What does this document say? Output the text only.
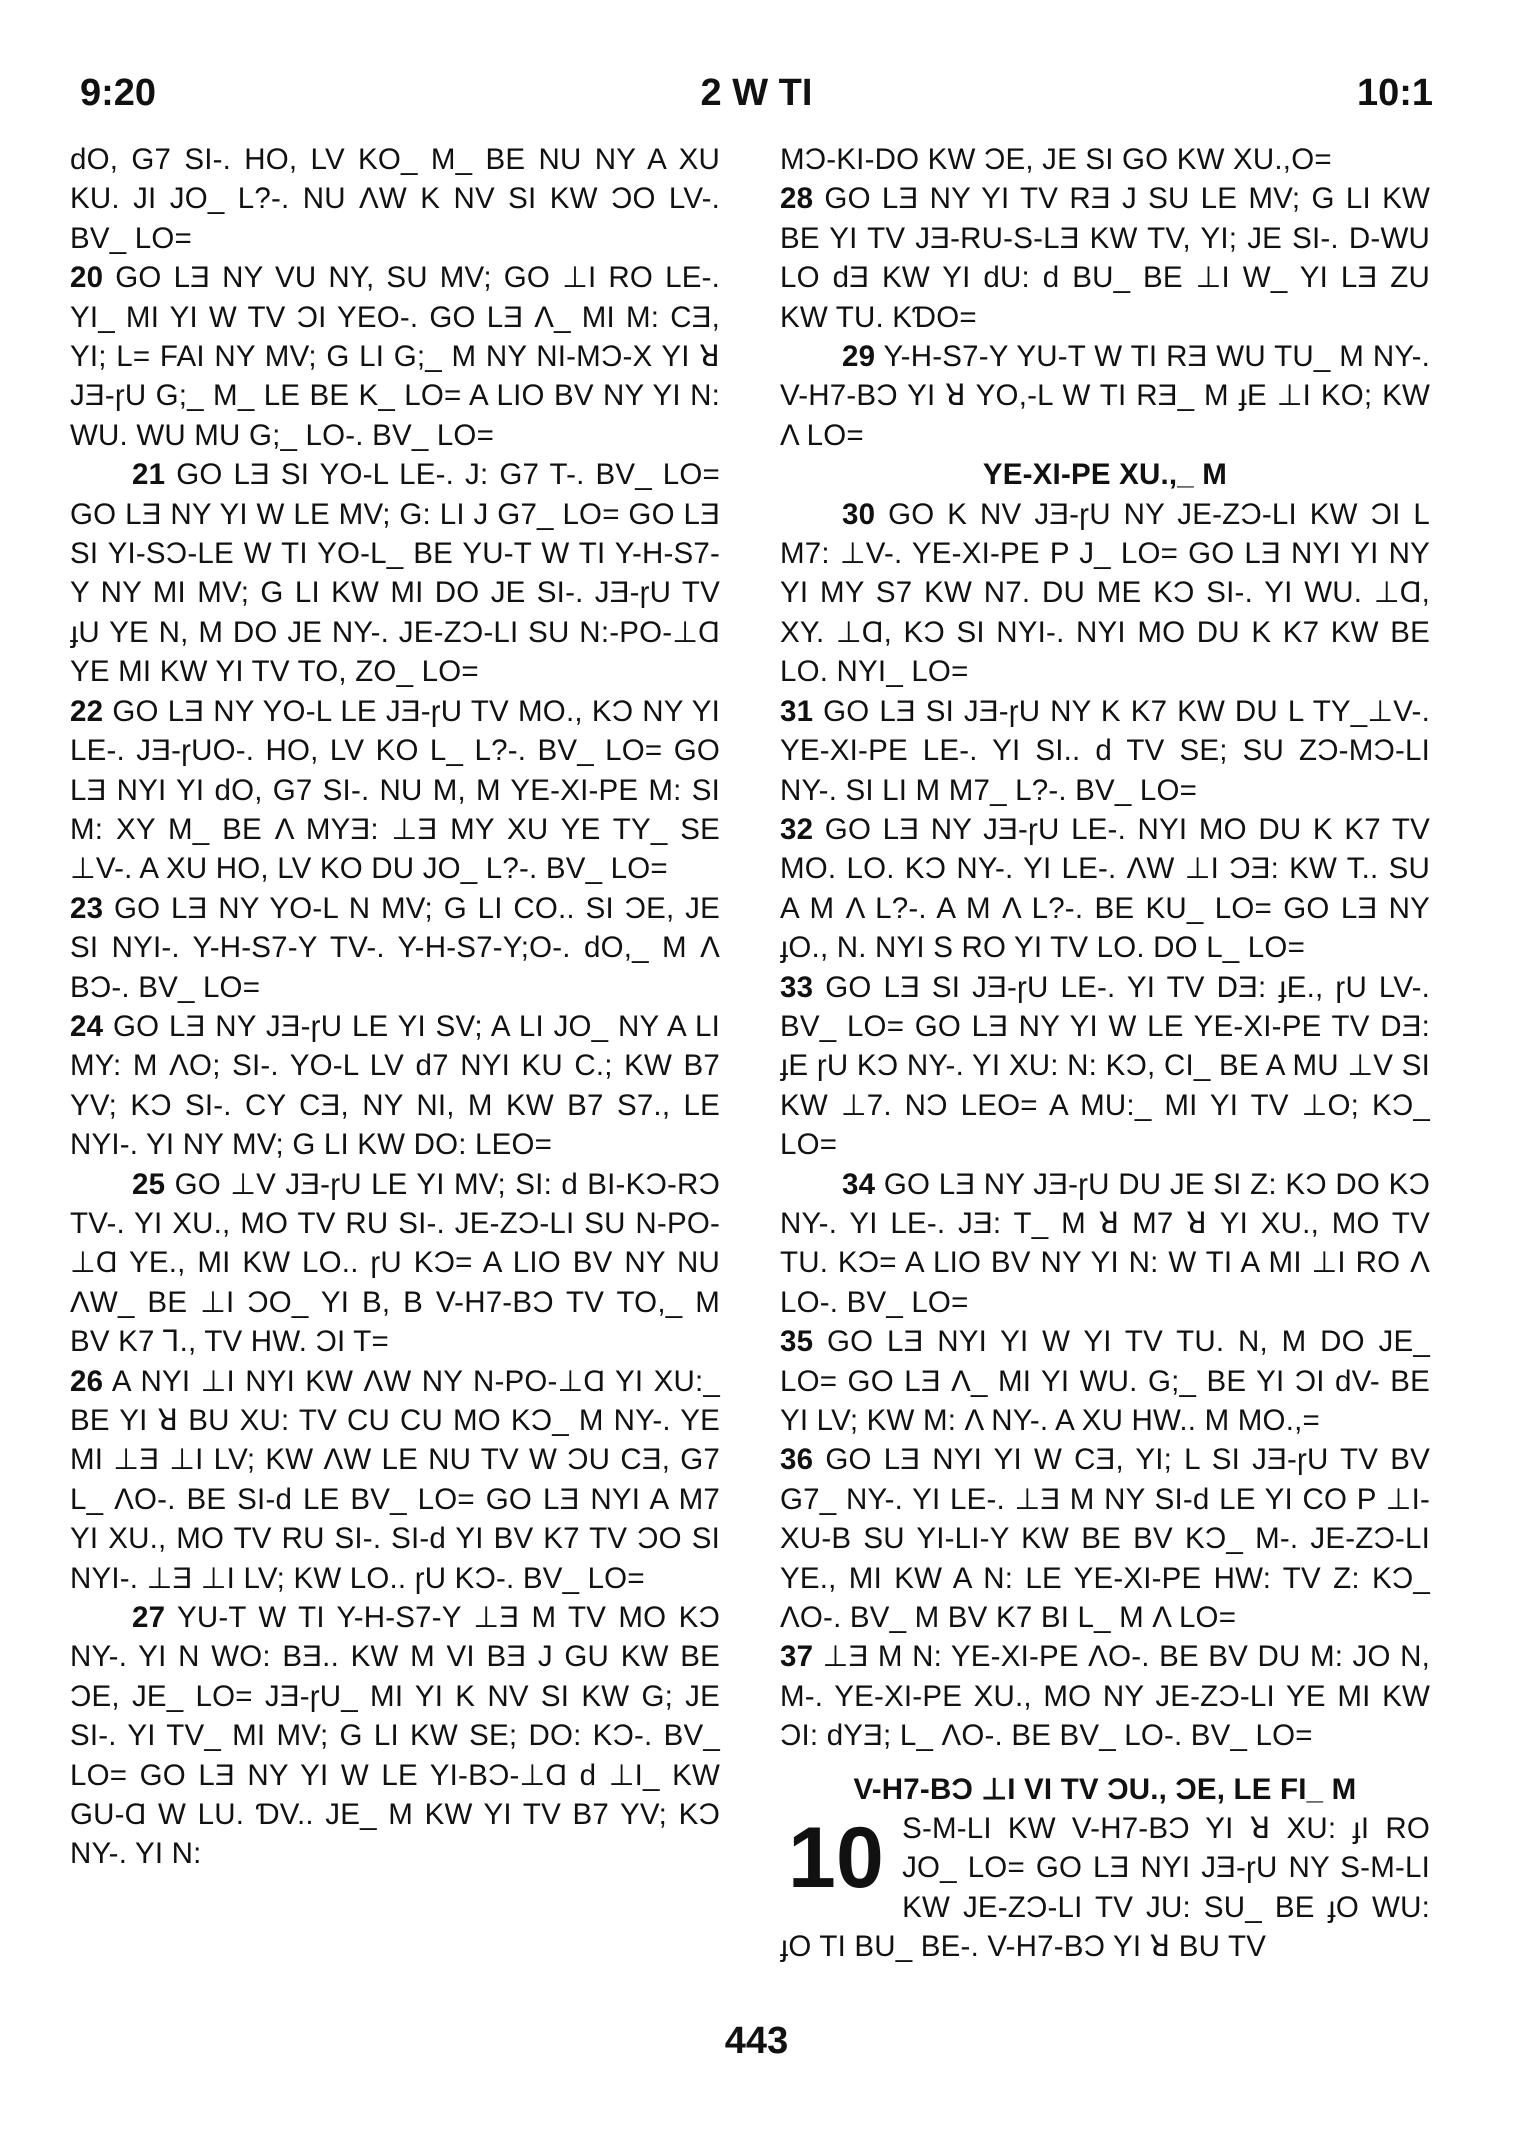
9:20	2 W TI	10:1

dO, G7 SI-. HO, LV KO_ M_ BE NU NY A XU KU. JI JO_ L?-. NU ΛW K NV SI KW ƆO LV-. BV_ LO=

20 GO LƎ NY VU NY, SU MV; GO ⊥I RO LE-. YI_ MI YI W TV ƆI YEO-. GO LƎ Λ_ MI M: CƎ, YI; L= FAI NY MV; G LI G;_ M NY NI-MƆ-X YI ꓤ JƎ-ɼU G;_ M_ LE BE K_ LO= A LIO BV NY YI N: WU. WU MU G;_ LO-. BV_ LO=

21 GO LƎ SI YO-L LE-. J: G7 T-. BV_ LO= GO LƎ NY YI W LE MV; G: LI J G7_ LO= GO LƎ SI YI-SƆ-LE W TI YO-L_ BE YU-T W TI Y-H-S7-Y NY MI MV; G LI KW MI DO JE SI-. JƎ-ɼU TV ɟU YE N, M DO JE NY-. JE-ZƆ-LI SU N:-PO-⊥Ɑ YE MI KW YI TV TO, ZO_ LO=

22 GO LƎ NY YO-L LE JƎ-ɼU TV MO., KƆ NY YI LE-. JƎ-ɼUO-. HO, LV KO L_ L?-. BV_ LO= GO LƎ NYI YI dO, G7 SI-. NU M, M YE-XI-PE M: SI M: XY M_ BE Λ MYƎ: ⊥Ǝ MY XU YE TY_ SE ⊥V-. A XU HO, LV KO DU JO_ L?-. BV_ LO=

23 GO LƎ NY YO-L N MV; G LI CO.. SI ƆE, JE SI NYI-. Y-H-S7-Y TV-. Y-H-S7-Y;O-. dO,_ M Λ BƆ-. BV_ LO=

24 GO LƎ NY JƎ-ɼU LE YI SV; A LI JO_ NY A LI MY: M ΛO; SI-. YO-L LV d7 NYI KU C.; KW B7 YV; KƆ SI-. CY CƎ, NY NI, M KW B7 S7., LE NYI-. YI NY MV; G LI KW DO: LEO=

25 GO ⊥V JƎ-ɼU LE YI MV; SI: d BI-KƆ-RƆ TV-. YI XU., MO TV RU SI-. JE-ZƆ-LI SU N-PO-⊥Ɑ YE., MI KW LO.. ɼU KƆ= A LIO BV NY NU ΛW_ BE ⊥I ƆO_ YI B, B V-H7-BƆ TV TO,_ M BV K7 ⅂., TV HW. ƆI T=

26 A NYI ⊥I NYI KW ΛW NY N-PO-⊥Ɑ YI XU:_ BE YI ꓤ BU XU: TV CU CU MO KƆ_ M NY-. YE MI ⊥Ǝ ⊥I LV; KW ΛW LE NU TV W ƆU CƎ, G7 L_ ΛO-. BE SI-d LE BV_ LO= GO LƎ NYI A M7 YI XU., MO TV RU SI-. SI-d YI BV K7 TV ƆO SI NYI-. ⊥Ǝ ⊥I LV; KW LO.. ɼU KƆ-. BV_ LO=

27 YU-T W TI Y-H-S7-Y ⊥Ǝ M TV MO KƆ NY-. YI N WO: BƎ.. KW M VI BƎ J GU KW BE ƆE, JE_ LO= JƎ-ɼU_ MI YI K NV SI KW G; JE SI-. YI TV_ MI MV; G LI KW SE; DO: KƆ-. BV_ LO= GO LƎ NY YI W LE YI-BƆ-⊥Ɑ d ⊥I_ KW GU-Ɑ W LU. ƊV.. JE_ M KW YI TV B7 YV; KƆ NY-. YI N:

MƆ-KI-DO KW ƆE, JE SI GO KW XU.,O=

28 GO LƎ NY YI TV RƎ J SU LE MV; G LI KW BE YI TV JƎ-RU-S-LƎ KW TV, YI; JE SI-. D-WU LO dƎ KW YI dU: d BU_ BE ⊥I W_ YI LƎ ZU KW TU. KƊO=

29 Y-H-S7-Y YU-T W TI RƎ WU TU_ M NY-. V-H7-BƆ YI ꓤ YO,-L W TI RƎ_ M ɟE ⊥I KO; KW Λ LO=

YE-XI-PE XU.,_ M

30 GO K NV JƎ-ɼU NY JE-ZƆ-LI KW ƆI L M7: ⊥V-. YE-XI-PE P J_ LO= GO LƎ NYI YI NY YI MY S7 KW N7. DU ME KƆ SI-. YI WU. ⊥Ɑ, XY. ⊥Ɑ, KƆ SI NYI-. NYI MO DU K K7 KW BE LO. NYI_ LO=

31 GO LƎ SI JƎ-ɼU NY K K7 KW DU L TY_⊥V-. YE-XI-PE LE-. YI SI.. d TV SE; SU ZƆ-MƆ-LI NY-. SI LI M M7_ L?-. BV_ LO=

32 GO LƎ NY JƎ-ɼU LE-. NYI MO DU K K7 TV MO. LO. KƆ NY-. YI LE-. ΛW ⊥I ƆƎ: KW T.. SU A M Λ L?-. A M Λ L?-. BE KU_ LO= GO LƎ NY ɟO., N. NYI S RO YI TV LO. DO L_ LO=

33 GO LƎ SI JƎ-ɼU LE-. YI TV DƎ: ɟE., ɼU LV-. BV_ LO= GO LƎ NY YI W LE YE-XI-PE TV DƎ: ɟE ɼU KƆ NY-. YI XU: N: KƆ, CI_ BE A MU ⊥V SI KW ⊥7. NƆ LEO= A MU:_ MI YI TV ⊥O; KƆ_ LO=

34 GO LƎ NY JƎ-ɼU DU JE SI Z: KƆ DO KƆ NY-. YI LE-. JƎ: T_ M ꓤ M7 ꓤ YI XU., MO TV TU. KƆ= A LIO BV NY YI N: W TI A MI ⊥I RO Λ LO-. BV_ LO=

35 GO LƎ NYI YI W YI TV TU. N, M DO JE_ LO= GO LƎ Λ_ MI YI WU. G;_ BE YI ƆI dV- BE YI LV; KW M: Λ NY-. A XU HW.. M MO.,=

36 GO LƎ NYI YI W CƎ, YI; L SI JƎ-ɼU TV BV G7_ NY-. YI LE-. ⊥Ǝ M NY SI-d LE YI CO P ⊥I-XU-B SU YI-LI-Y KW BE BV KƆ_ M-. JE-ZƆ-LI YE., MI KW A N: LE YE-XI-PE HW: TV Z: KƆ_ ΛO-. BV_ M BV K7 BI L_ M Λ LO=

37 ⊥Ǝ M N: YE-XI-PE ΛO-. BE BV DU M: JO N, M-. YE-XI-PE XU., MO NY JE-ZƆ-LI YE MI KW ƆI: dYƎ; L_ ΛO-. BE BV_ LO-. BV_ LO=

V-H7-BƆ ⊥I VI TV ƆU., ƆE, LE FI_ M

10 S-M-LI KW V-H7-BƆ YI ꓤ XU: ɟI RO JO_ LO= GO LƎ NYI JƎ-ɼU NY S-M-LI KW JE-ZƆ-LI TV JU: SU_ BE ɟO WU: ɟO TI BU_ BE-. V-H7-BƆ YI ꓤ BU TV

443
